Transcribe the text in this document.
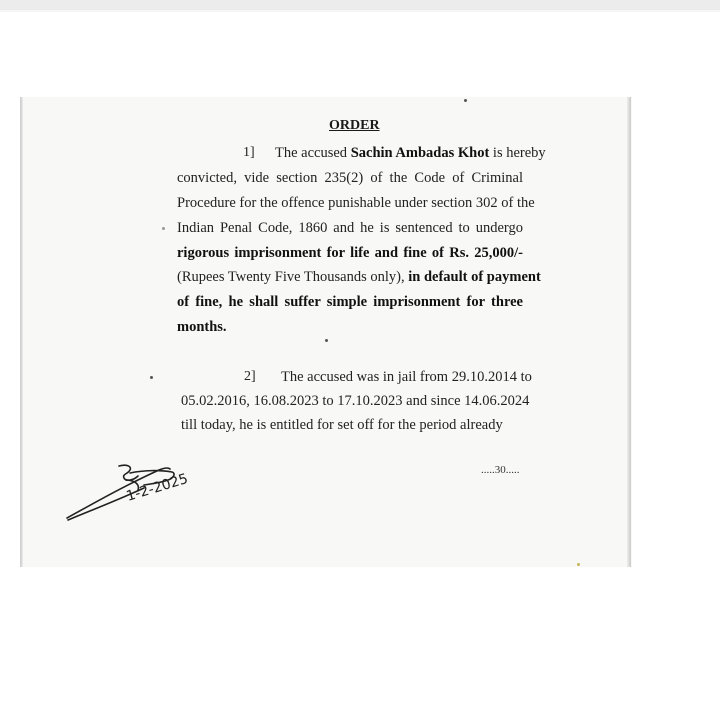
ORDER
1] The accused Sachin Ambadas Khot is hereby
convicted, vide section 235(2) of the Code of Criminal
Procedure for the offence punishable under section 302 of the
Indian Penal Code, 1860 and he is sentenced to undergo
rigorous imprisonment for life and fine of Rs. 25,000/-
(Rupees Twenty Five Thousands only), in default of payment
of fine, he shall suffer simple imprisonment for three
months.
2] The accused was in jail from 29.10.2014 to
05.02.2016, 16.08.2023 to 17.10.2023 and since 14.06.2024
till today, he is entitled for set off for the period already
.....30.....
1-2-2025
